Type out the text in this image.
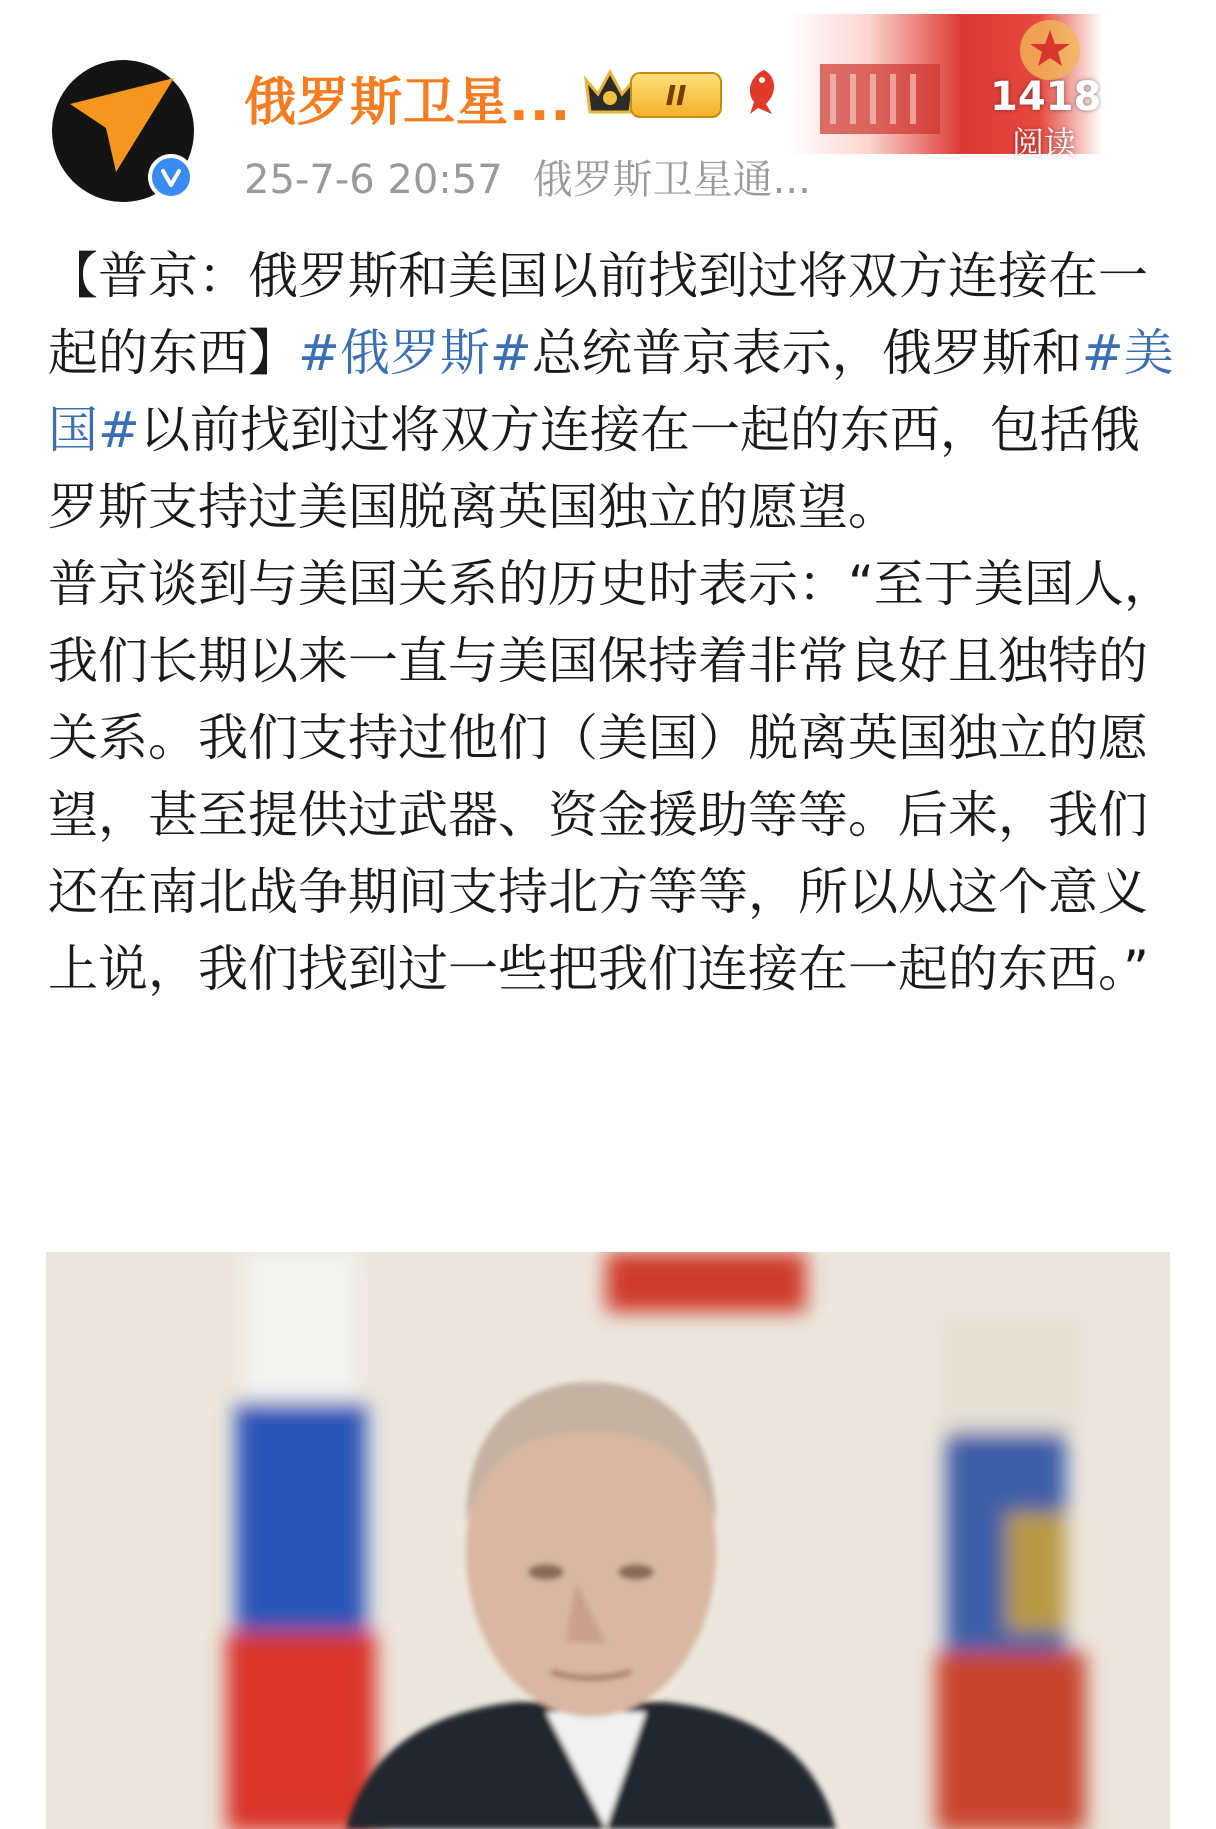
俄罗斯卫星...	II	1418
阅读
25-7-6 20:57 俄罗斯卫星通...

【普京：俄罗斯和美国以前找到过将双方连接在一起的东西】#俄罗斯#总统普京表示，俄罗斯和#美国#以前找到过将双方连接在一起的东西，包括俄罗斯支持过美国脱离英国独立的愿望。

普京谈到与美国关系的历史时表示：“至于美国人，我们长期以来一直与美国保持着非常良好且独特的关系。我们支持过他们（美国）脱离英国独立的愿望，甚至提供过武器、资金援助等等。后来，我们还在南北战争期间支持北方等等，所以从这个意义上说，我们找到过一些把我们连接在一起的东西。”
